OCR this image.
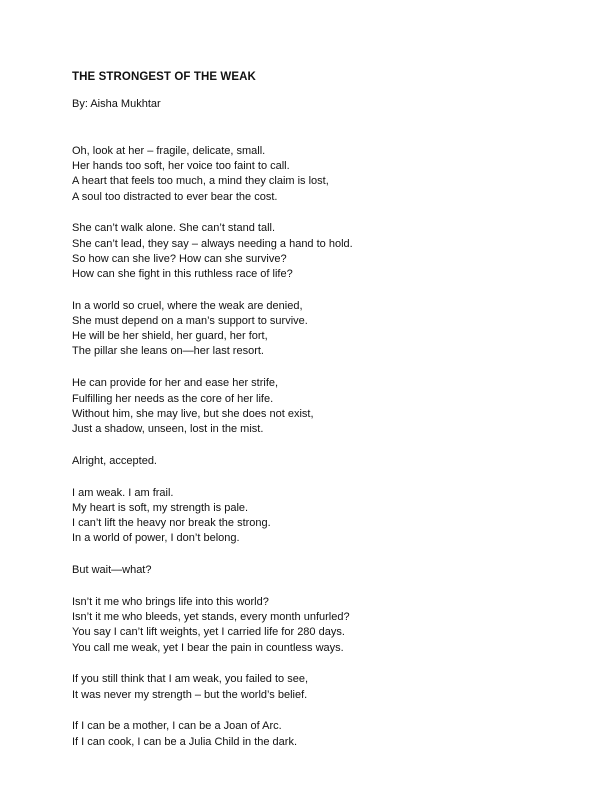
THE STRONGEST OF THE WEAK
By: Aisha Mukhtar
Oh, look at her – fragile, delicate, small.
Her hands too soft, her voice too faint to call.
A heart that feels too much, a mind they claim is lost,
A soul too distracted to ever bear the cost.
She can’t walk alone. She can’t stand tall.
She can’t lead, they say – always needing a hand to hold.
So how can she live? How can she survive?
How can she fight in this ruthless race of life?
In a world so cruel, where the weak are denied,
She must depend on a man’s support to survive.
He will be her shield, her guard, her fort,
The pillar she leans on—her last resort.
He can provide for her and ease her strife,
Fulfilling her needs as the core of her life.
Without him, she may live, but she does not exist,
Just a shadow, unseen, lost in the mist.
Alright, accepted.
I am weak. I am frail.
My heart is soft, my strength is pale.
I can’t lift the heavy nor break the strong.
In a world of power, I don’t belong.
But wait—what?
Isn’t it me who brings life into this world?
Isn’t it me who bleeds, yet stands, every month unfurled?
You say I can’t lift weights, yet I carried life for 280 days.
You call me weak, yet I bear the pain in countless ways.
If you still think that I am weak, you failed to see,
It was never my strength – but the world’s belief.
If I can be a mother, I can be a Joan of Arc.
If I can cook, I can be a Julia Child in the dark.
